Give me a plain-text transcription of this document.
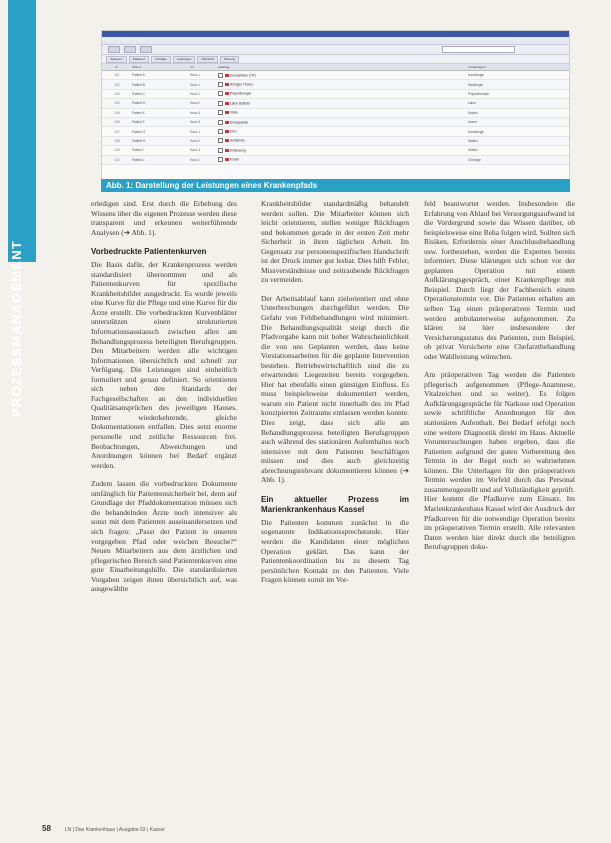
PROZESSMANAGEMENT
Stationen	Patienten	Aufträge	Leistungen	Übersicht	Planung
Nr.	Patient	Ort	Leistung	Zuständigkeit
101	Patient A	Haus 1	Herzkatheter (OP)	Kardiologie
102	Patient B	Haus 1	Röntgen Thorax	Radiologie
103	Patient C	Haus 2	Physiotherapie	Physiotherapie
104	Patient D	Haus 2	Labor Blutbild	Labor
105	Patient E	Haus 3	Visite	Station
106	Patient F	Haus 3	Sonographie	Innere
107	Patient G	Haus 1	EKG	Kardiologie
108	Patient H	Haus 2	Aufnahme	Station
109	Patient I	Haus 3	Entlassung	Station
110	Patient J	Haus 1	Konsil	Chirurgie
Abb. 1: Darstellung der Leistungen eines Krankenpfads

erledigen sind. Erst durch die Erhebung des Wissens über die eigenen Prozesse werden diese transparent und erkennen weiterführende Analysen (➔ Abb. 1).

Vorbedruckte Patientenkurven

Die Basis dafür, der Krankenprozess werden standardisiert übernommen und als Patientenkurven für spezifische Krankheitsbilder ausgedruckt. Es wurde jeweils eine Kurve für die Pflege und eine Kurve für die Ärzte erstellt. Die vorbedruckten Kurvenblätter unterstützen einen strukturierten Informationsaustausch zwischen allen am Behandlungsprozess beteiligten Berufsgruppen. Den Mitarbeitern werden alle wichtigen Informationen übersichtlich und schnell zur Verfügung. Die Leistungen sind einheitlich formuliert und genau definiert. So orientieren sich neben den Standards der Fachgesellschaften an den individuellen Qualitätsansprüchen des jeweiligen Hauses. Immer wiederkehrende, gleiche Dokumentationen entfallen. Dies setzt enorme personelle und zeitliche Ressourcen frei. Beobachtungen, Abweichungen und Anordnungen können bei Bedarf ergänzt werden.

Zudem lassen die vorbedruckten Dokumente umfänglich für Patientensicherheit bei, denn auf Grundlage der Pfaddokumentation müssen sich die behandelnden Ärzte noch intensiver als sonst mit dem Patienten auseinandersetzen und sich fragen: „Passt der Patient in unseren vorgegeben Pfad oder weichen Besuche?“ Neuen Mitarbeitern aus dem ärztlichen und pflegerischen Bereich sind Patientenkurven eine gute Einarbeitungshilfe. Die standardisierten Vorgaben zeigen ihnen übersichtlich auf, was ausgewählte

Krankheitsbilder standardmäßig behandelt werden sollen. Die Mitarbeiter können sich leicht orientieren, stellen weniger Rückfragen und bekommen gerade in der ersten Zeit mehr Sicherheit in ihren täglichen Arbeit. Im Gegensatz zur personenspezifischen Handschrift ist der Druck immer gut lesbar. Dies hilft Fehler, Missverständnisse und zeitraubende Rückfragen zu vermeiden.

Der Arbeitsablauf kann zielorientiert und ohne Unterbrechungen durchgeführt werden. Die Gefahr von Fehlbehandlungen wird minimiert. Die Behandlungsqualität steigt durch die Pfadvorgabe kann mit hoher Wahrscheinlichkeit die von uns Geplanten werden, dass keine Vorstationsarbeiten für die geplante Intervention bestehen. Betriebswirtschaftlich sind die zu erwartenden Liegezeiten bereits vorgegeben. Hier hat ebenfalls einen günstigen Einfluss. Es muss beispielsweise dokumentiert werden, warum ein Patient nicht innerhalb des im Pfad konzipierten Zeitraums entlassen werden konnte. Dies zeigt, dass sich alle am Behandlungsprozess beteiligten Berufsgruppen auch während des stationären Aufenthaltes noch intensiver mit dem Patienten beschäftigen müssen und dies auch gleichzeitig abrechnungsrelevant dokumentieren können (➔ Abb. 1).

Ein aktueller Prozess im Marienkrankenhaus Kassel

Die Patienten kommen zunächst in die sogenannte Indikationssprechstunde. Hier werden die Kandidaten einer möglichen Operation geklärt. Das kann der Patientenkoordination bis zu diesem Tag persönlichen Kontakt zu den Patienten. Viele Fragen können somit im Vor-

feld beantwortet werden. Insbesondere die Erfahrung von Ablauf bei Versorgungsaufwand ist die Vordergrund sowie das Wissen darüber, ob beispielsweise eine Reha folgen wird. Sollten sich Risiken, Erfordernis einer Anschlussbehandlung usw. fortbestehen, werden die Experten bereits informiert. Diese klärungen sich schon vor der geplanten Operation mit einem Aufklärungsgespräch, einer Krankenpflege mit Beispiel. Durch liegt der Fachbereich einem Operationstermin vor. Die Patienten erhalten am selben Tag einen präoperativen Termin und werden ambulanterweise aufgenommen. Zu klären ist hier insbesondere der Versicherungsstatus des Patienten, zum Beispiel, ob privat Versicherte eine Chefarztbehandlung oder Wahlleistung wünschen.

Am präoperativen Tag werden die Patienten pflegerisch aufgenommen (Pflege-Anamnese, Vitalzeichen und so weiter). Es folgen Aufklärungsgespräche für Narkose und Operation sowie schriftliche Anordnungen für den stationären Aufenthalt. Bei Bedarf erfolgt noch eine weitere Diagnostik direkt im Haus. Aktuelle Voruntersuchungen haben ergeben, dass die Patienten aufgrund der guten Vorbereitung den Termin in der Regel noch so wahrnehmen können. Die Unterlagen für den präoperativen Termin werden im Vorfeld durch das Personal zusammengestellt und auf Vollständigkeit geprüft. Hier kommt die Pfadkurve zum Einsatz. Im Marienkrankenhaus Kassel wird der Ausdruck der Pfadkurven für die notwendige Operation bereits im präoperativen Termin erstellt. Alle relevanten Daten werden hier direkt durch die beteiligten Berufsgruppen doku-

58	LN | Das Krankenhaus | Ausgabe 03 | Kassel
